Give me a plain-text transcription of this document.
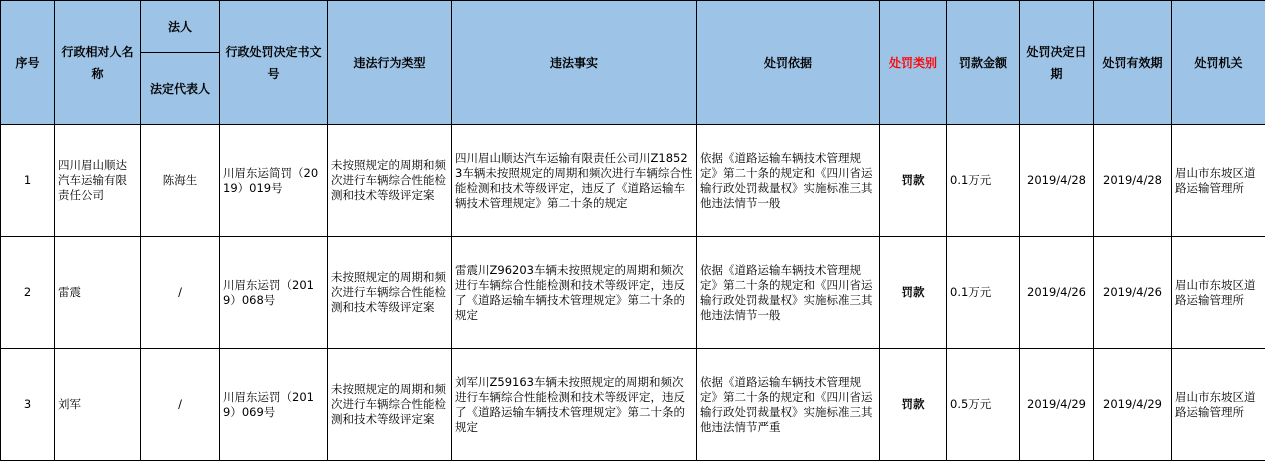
序号	行政相对人名称	法人	行政处罚决定书文号	违法行为类型	违法事实	处罚依据	处罚类别	罚款金额	处罚决定日期	处罚有效期	处罚机关
		法定代表人									
1	四川眉山顺达汽车运输有限责任公司	陈海生	川眉东运简罚（2019）019号	未按照规定的周期和频次进行车辆综合性能检测和技术等级评定案	四川眉山顺达汽车运输有限责任公司川Z18523车辆未按照规定的周期和频次进行车辆综合性能检测和技术等级评定，违反了《道路运输车辆技术管理规定》第二十条的规定	依据《道路运输车辆技术管理规定》第二十条的规定和《四川省运输行政处罚裁量权》实施标准三其他违法情节一般	罚款	0.1万元	2019/4/28	2019/4/28	眉山市东坡区道路运输管理所
2	雷震	/	川眉东运罚（2019）068号	未按照规定的周期和频次进行车辆综合性能检测和技术等级评定案	雷震川Z96203车辆未按照规定的周期和频次进行车辆综合性能检测和技术等级评定，违反了《道路运输车辆技术管理规定》第二十条的规定	依据《道路运输车辆技术管理规定》第二十条的规定和《四川省运输行政处罚裁量权》实施标准三其他违法情节一般	罚款	0.1万元	2019/4/26	2019/4/26	眉山市东坡区道路运输管理所
3	刘军	/	川眉东运罚（2019）069号	未按照规定的周期和频次进行车辆综合性能检测和技术等级评定案	刘军川Z59163车辆未按照规定的周期和频次进行车辆综合性能检测和技术等级评定，违反了《道路运输车辆技术管理规定》第二十条的规定	依据《道路运输车辆技术管理规定》第二十条的规定和《四川省运输行政处罚裁量权》实施标准三其他违法情节严重	罚款	0.5万元	2019/4/29	2019/4/29	眉山市东坡区道路运输管理所
